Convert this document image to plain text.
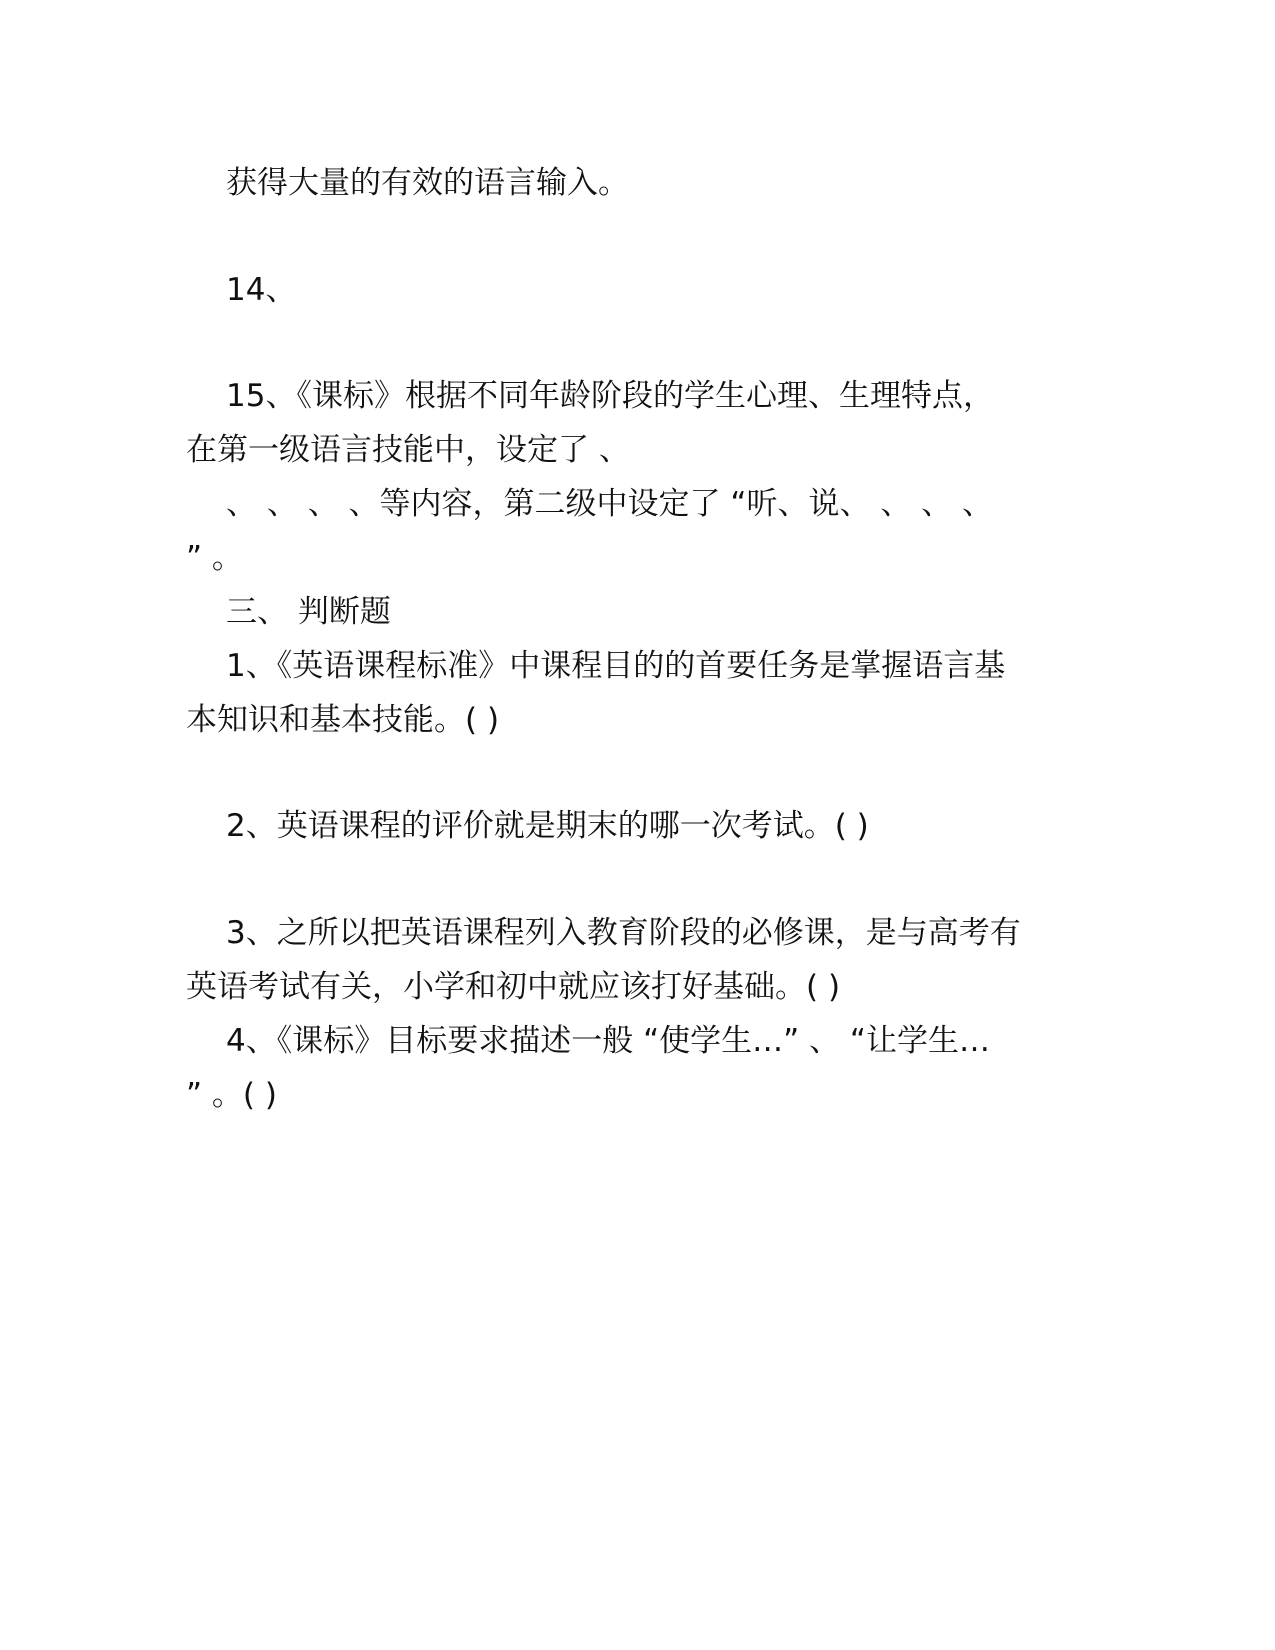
获得大量的有效的语言输入。
14、
15、《课标》根据不同年龄阶段的学生心理、生理特点，
在第一级语言技能中，设定了 、
、 、 、 、等内容，第二级中设定了 “听、说、 、 、 、
” 。
三、 判断题
1、《英语课程标准》中课程目的的首要任务是掌握语言基
本知识和基本技能。( )
2、英语课程的评价就是期末的哪一次考试。( )
3、之所以把英语课程列入教育阶段的必修课，是与高考有
英语考试有关，小学和初中就应该打好基础。( )
4、《课标》目标要求描述一般 “使学生…” 、 “让学生…
” 。( )
